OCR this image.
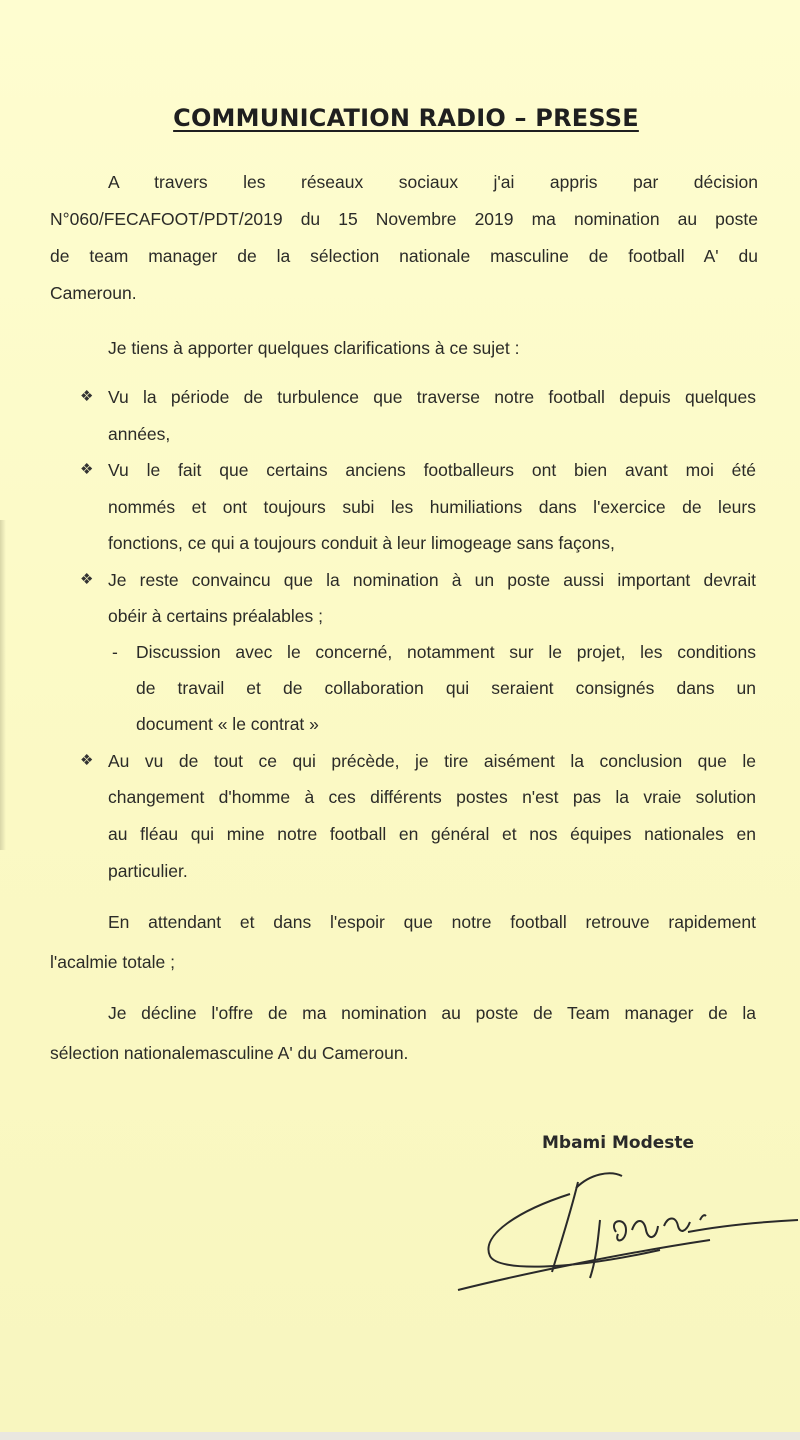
COMMUNICATION RADIO – PRESSE
A travers les réseaux sociaux j'ai appris par décision
N°060/FECAFOOT/PDT/2019 du 15 Novembre 2019 ma nomination au poste
de team manager de la sélection nationale masculine de football A' du
Cameroun.
Je tiens à apporter quelques clarifications à ce sujet :
❖ Vu la période de turbulence que traverse notre football depuis quelques
années,
❖ Vu le fait que certains anciens footballeurs ont bien avant moi été
nommés et ont toujours subi les humiliations dans l'exercice de leurs
fonctions, ce qui a toujours conduit à leur limogeage sans façons,
❖ Je reste convaincu que la nomination à un poste aussi important devrait
obéir à certains préalables ;
- Discussion avec le concerné, notamment sur le projet, les conditions
de travail et de collaboration qui seraient consignés dans un
document « le contrat »
❖ Au vu de tout ce qui précède, je tire aisément la conclusion que le
changement d'homme à ces différents postes n'est pas la vraie solution
au fléau qui mine notre football en général et nos équipes nationales en
particulier.
En attendant et dans l'espoir que notre football retrouve rapidement
l'acalmie totale ;
Je décline l'offre de ma nomination au poste de Team manager de la
sélection nationalemasculine A' du Cameroun.
Mbami Modeste
